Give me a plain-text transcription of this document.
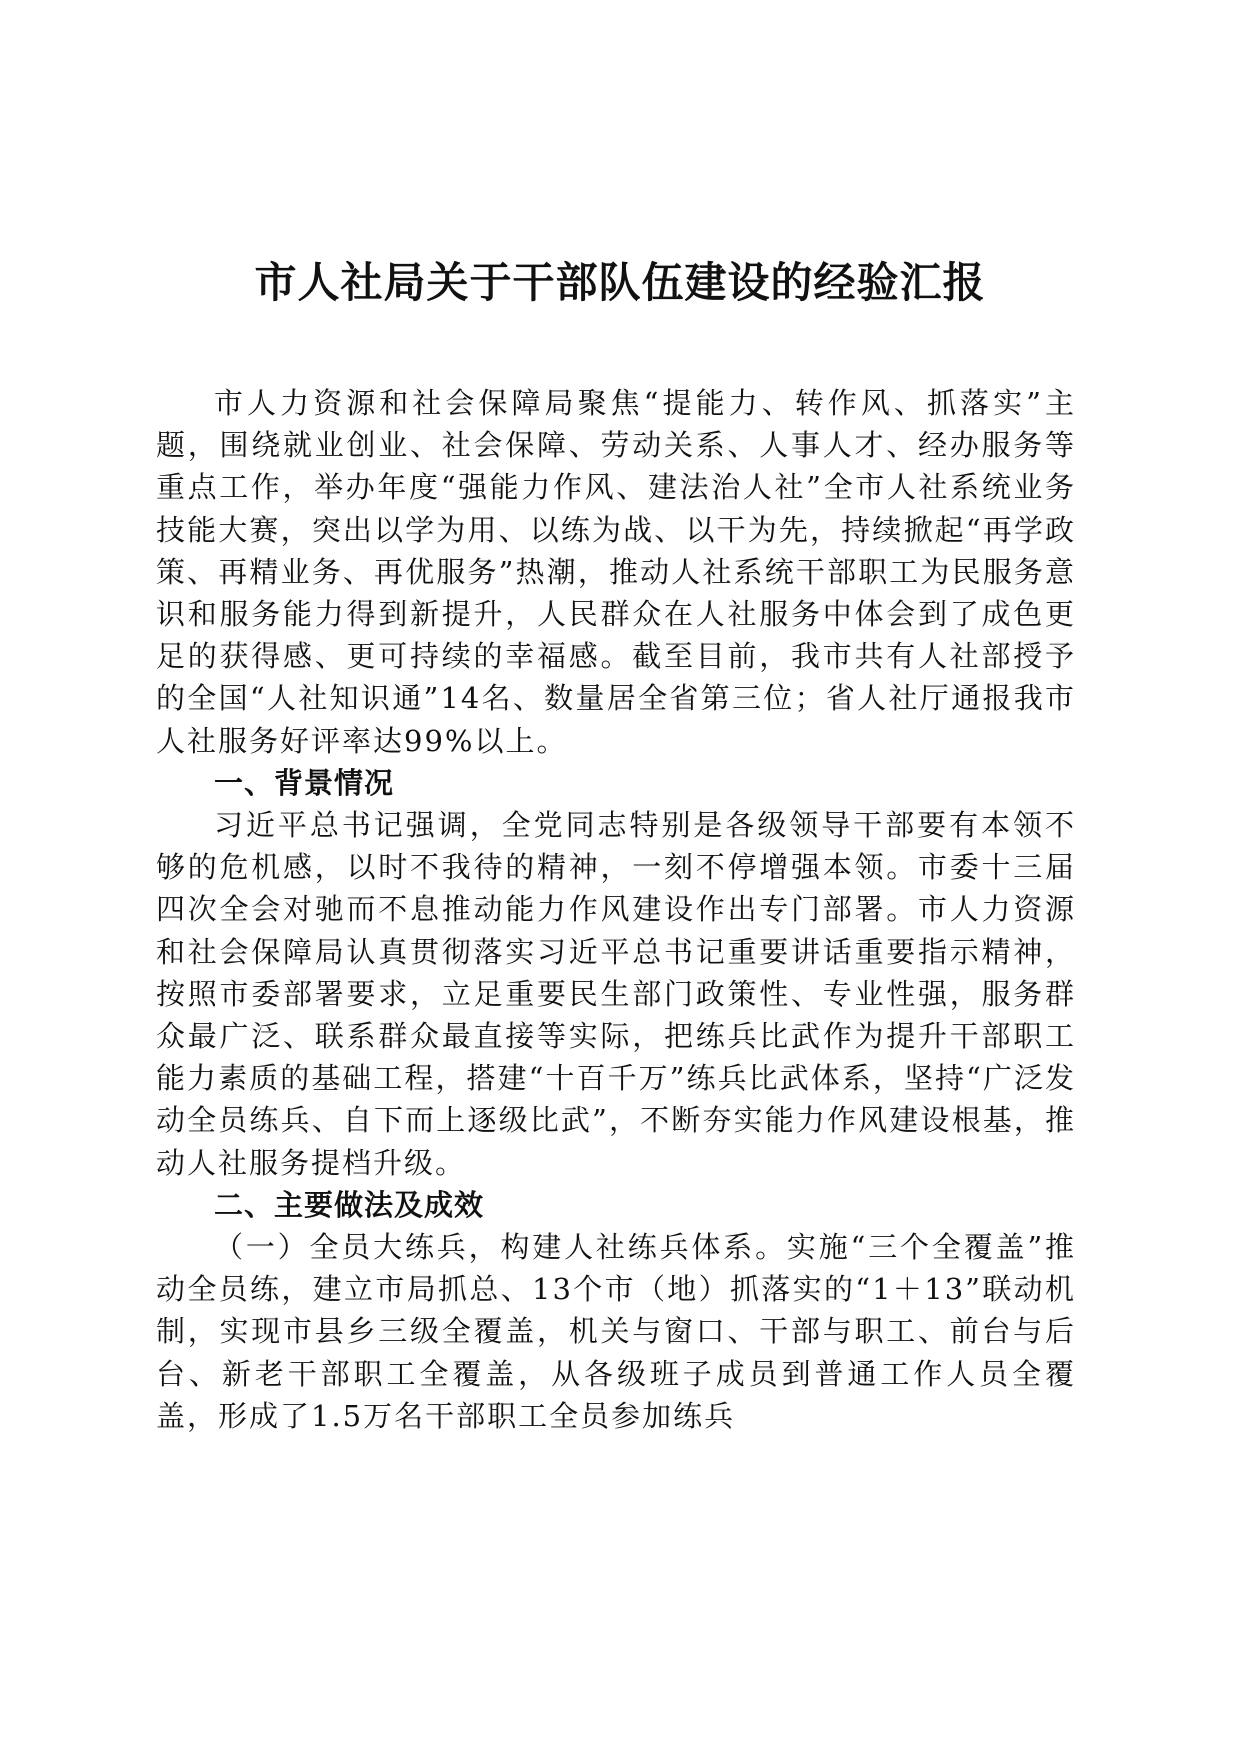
市人社局关于干部队伍建设的经验汇报

市人力资源和社会保障局聚焦“提能力、转作风、抓落实”主题，围绕就业创业、社会保障、劳动关系、人事人才、经办服务等重点工作，举办年度“强能力作风、建法治人社”全市人社系统业务技能大赛，突出以学为用、以练为战、以干为先，持续掀起“再学政策、再精业务、再优服务”热潮，推动人社系统干部职工为民服务意识和服务能力得到新提升，人民群众在人社服务中体会到了成色更足的获得感、更可持续的幸福感。截至目前，我市共有人社部授予的全国“人社知识通”14名、数量居全省第三位；省人社厅通报我市人社服务好评率达99%以上。

一、背景情况

习近平总书记强调，全党同志特别是各级领导干部要有本领不够的危机感，以时不我待的精神，一刻不停增强本领。市委十三届四次全会对驰而不息推动能力作风建设作出专门部署。市人力资源和社会保障局认真贯彻落实习近平总书记重要讲话重要指示精神，按照市委部署要求，立足重要民生部门政策性、专业性强，服务群众最广泛、联系群众最直接等实际，把练兵比武作为提升干部职工能力素质的基础工程，搭建“十百千万”练兵比武体系，坚持“广泛发动全员练兵、自下而上逐级比武”，不断夯实能力作风建设根基，推动人社服务提档升级。

二、主要做法及成效

（一）全员大练兵，构建人社练兵体系。实施“三个全覆盖”推动全员练，建立市局抓总、13个市（地）抓落实的“1＋13”联动机制，实现市县乡三级全覆盖，机关与窗口、干部与职工、前台与后台、新老干部职工全覆盖，从各级班子成员到普通工作人员全覆盖，形成了1.5万名干部职工全员参加练兵
